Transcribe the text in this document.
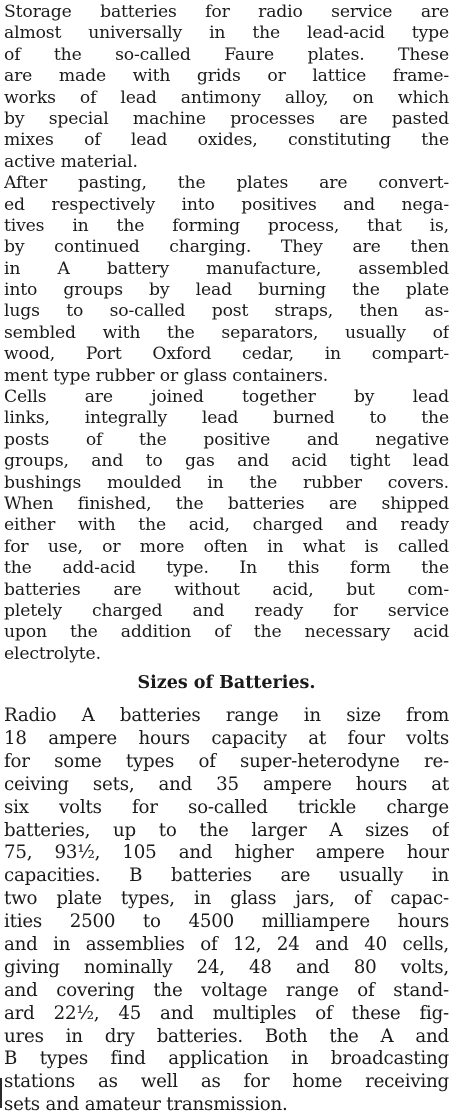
Storage batteries for radio service are
almost universally in the lead-acid type
of the so-called Faure plates. These
are made with grids or lattice frame-
works of lead antimony alloy, on which
by special machine processes are pasted
mixes of lead oxides, constituting the
active material.
After pasting, the plates are convert-
ed respectively into positives and nega-
tives in the forming process, that is,
by continued charging. They are then
in A battery manufacture, assembled
into groups by lead burning the plate
lugs to so-called post straps, then as-
sembled with the separators, usually of
wood, Port Oxford cedar, in compart-
ment type rubber or glass containers.
Cells are joined together by lead
links, integrally lead burned to the
posts of the positive and negative
groups, and to gas and acid tight lead
bushings moulded in the rubber covers.
When finished, the batteries are shipped
either with the acid, charged and ready
for use, or more often in what is called
the add-acid type. In this form the
batteries are without acid, but com-
pletely charged and ready for service
upon the addition of the necessary acid
electrolyte.
Sizes of Batteries.
Radio A batteries range in size from
18 ampere hours capacity at four volts
for some types of super-heterodyne re-
ceiving sets, and 35 ampere hours at
six volts for so-called trickle charge
batteries, up to the larger A sizes of
75, 93½, 105 and higher ampere hour
capacities. B batteries are usually in
two plate types, in glass jars, of capac-
ities 2500 to 4500 milliampere hours
and in assemblies of 12, 24 and 40 cells,
giving nominally 24, 48 and 80 volts,
and covering the voltage range of stand-
ard 22½, 45 and multiples of these fig-
ures in dry batteries. Both the A and
B types find application in broadcasting
stations as well as for home receiving
sets and amateur transmission.
